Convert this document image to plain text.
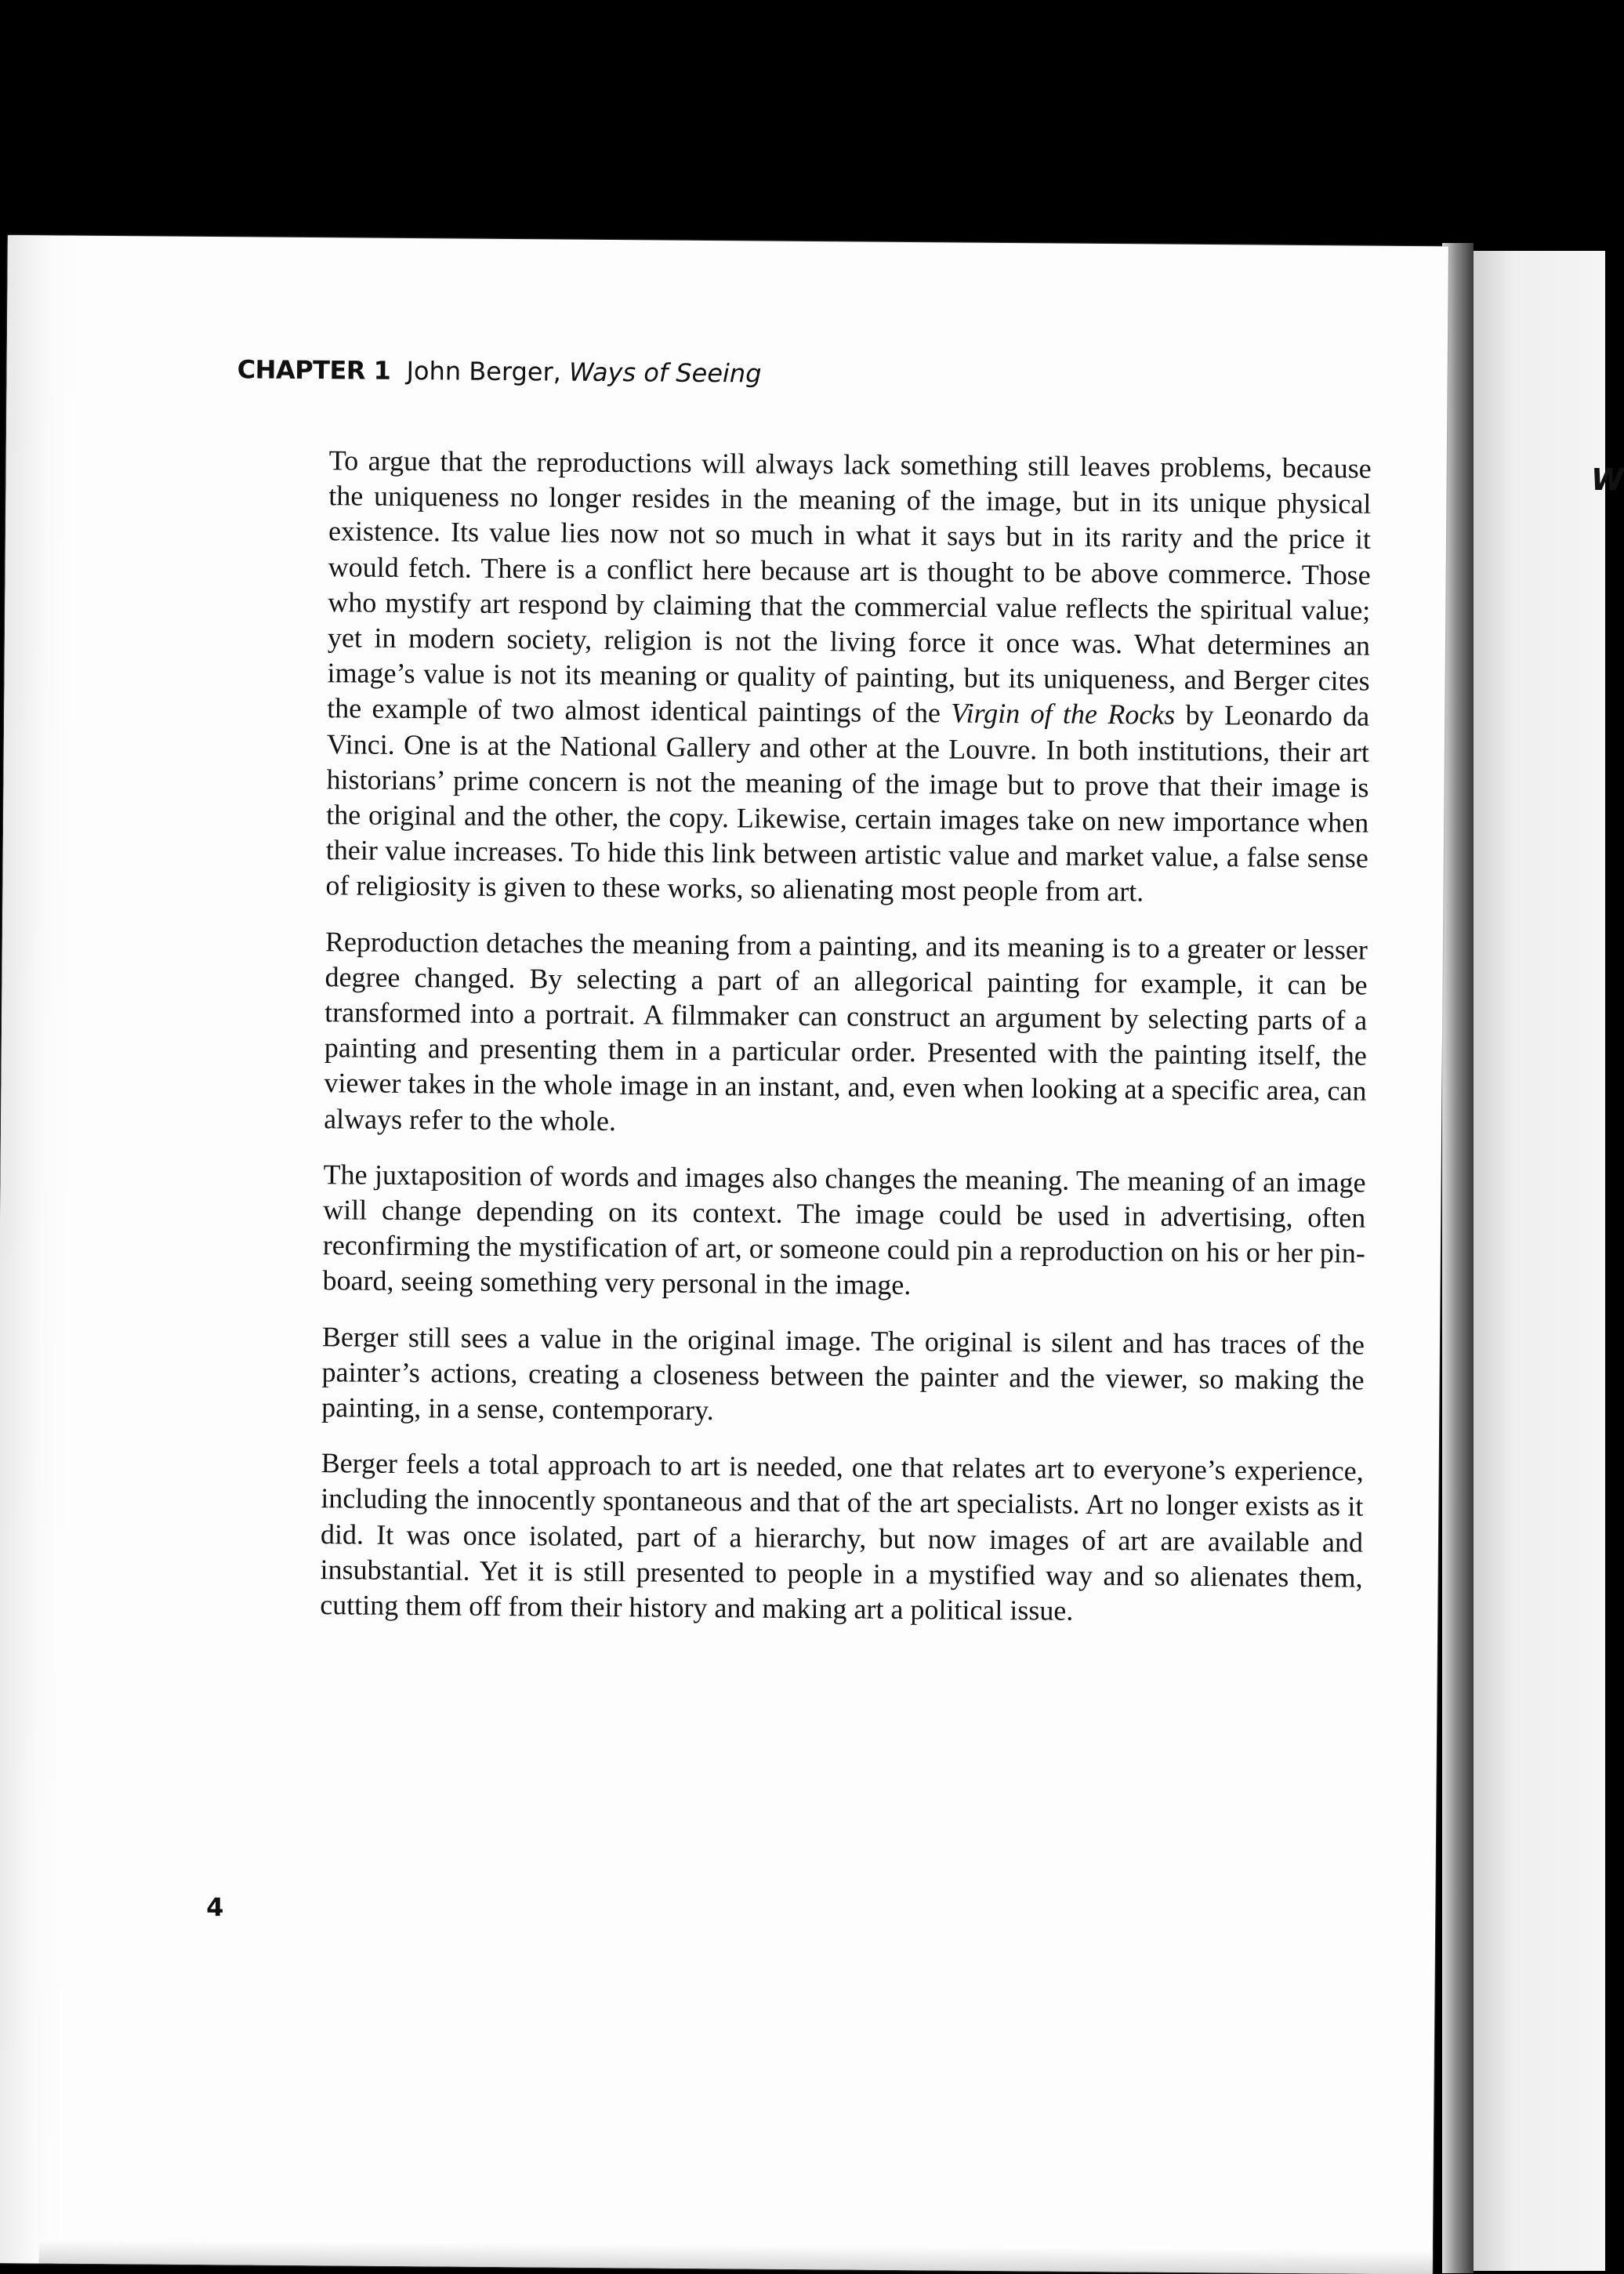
W
CHAPTER 1 John Berger, Ways of Seeing

To argue that the reproductions will always lack something still leaves problems, because the uniqueness no longer resides in the meaning of the image, but in its unique physical existence. Its value lies now not so much in what it says but in its rarity and the price it would fetch. There is a conflict here because art is thought to be above commerce. Those who mystify art respond by claiming that the commercial value reflects the spiritual value; yet in modern society, religion is not the living force it once was. What determines an image’s value is not its meaning or quality of painting, but its uniqueness, and Berger cites the example of two almost identical paintings of the Virgin of the Rocks by Leonardo da Vinci. One is at the National Gallery and other at the Louvre. In both institutions, their art historians’ prime concern is not the meaning of the image but to prove that their image is the original and the other, the copy. Likewise, certain images take on new importance when their value increases. To hide this link between artistic value and market value, a false sense of religiosity is given to these works, so alienating most people from art.

Reproduction detaches the meaning from a painting, and its meaning is to a greater or lesser degree changed. By selecting a part of an allegorical painting for example, it can be transformed into a portrait. A filmmaker can construct an argument by selecting parts of a painting and presenting them in a particular order. Presented with the painting itself, the viewer takes in the whole image in an instant, and, even when looking at a specific area, can always refer to the whole.

The juxtaposition of words and images also changes the meaning. The meaning of an image will change depending on its context. The image could be used in advertising, often reconfirming the mystification of art, or someone could pin a reproduction on his or her pin-board, seeing something very personal in the image.

Berger still sees a value in the original image. The original is silent and has traces of the painter’s actions, creating a closeness between the painter and the viewer, so making the painting, in a sense, contemporary.

Berger feels a total approach to art is needed, one that relates art to everyone’s experience, including the innocently spontaneous and that of the art specialists. Art no longer exists as it did. It was once isolated, part of a hierarchy, but now images of art are available and insubstantial. Yet it is still presented to people in a mystified way and so alienates them, cutting them off from their history and making art a political issue.

4
